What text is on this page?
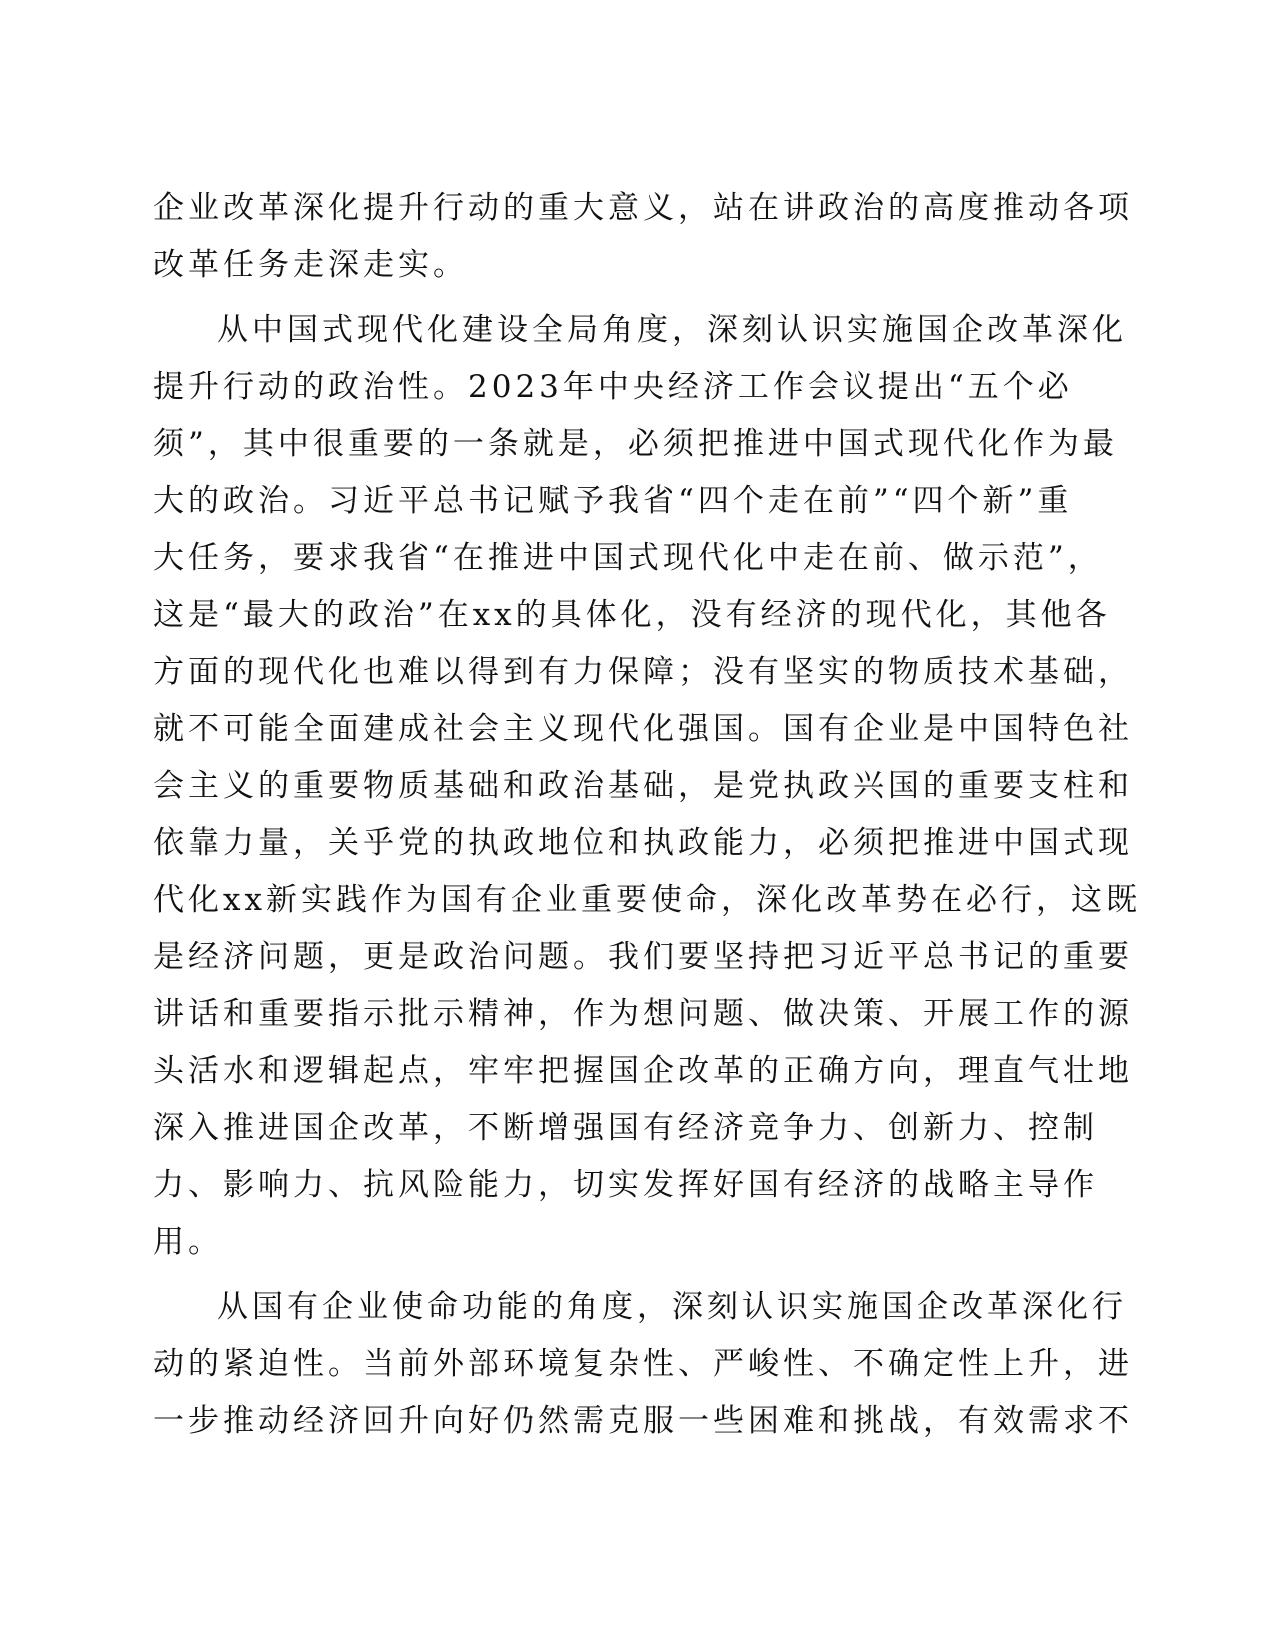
企业改革深化提升行动的重大意义，站在讲政治的高度推动各项
改革任务走深走实。
从中国式现代化建设全局角度，深刻认识实施国企改革深化
提升行动的政治性。2023年中央经济工作会议提出“五个必
须”，其中很重要的一条就是，必须把推进中国式现代化作为最
大的政治。习近平总书记赋予我省“四个走在前”“四个新”重
大任务，要求我省“在推进中国式现代化中走在前、做示范”，
这是“最大的政治”在xx的具体化，没有经济的现代化，其他各
方面的现代化也难以得到有力保障；没有坚实的物质技术基础，
就不可能全面建成社会主义现代化强国。国有企业是中国特色社
会主义的重要物质基础和政治基础，是党执政兴国的重要支柱和
依靠力量，关乎党的执政地位和执政能力，必须把推进中国式现
代化xx新实践作为国有企业重要使命，深化改革势在必行，这既
是经济问题，更是政治问题。我们要坚持把习近平总书记的重要
讲话和重要指示批示精神，作为想问题、做决策、开展工作的源
头活水和逻辑起点，牢牢把握国企改革的正确方向，理直气壮地
深入推进国企改革，不断增强国有经济竞争力、创新力、控制
力、影响力、抗风险能力，切实发挥好国有经济的战略主导作
用。
从国有企业使命功能的角度，深刻认识实施国企改革深化行
动的紧迫性。当前外部环境复杂性、严峻性、不确定性上升，进
一步推动经济回升向好仍然需克服一些困难和挑战，有效需求不
